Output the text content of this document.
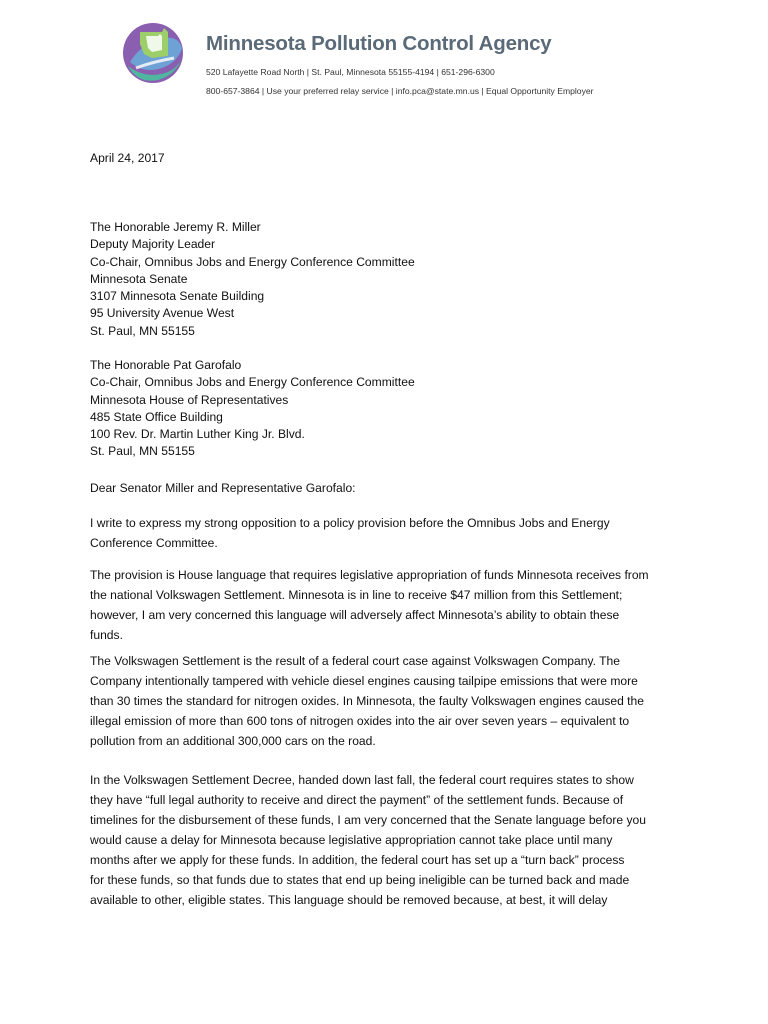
Minnesota Pollution Control Agency
520 Lafayette Road North | St. Paul, Minnesota 55155-4194 | 651-296-6300
800-657-3864 | Use your preferred relay service | info.pca@state.mn.us | Equal Opportunity Employer
April 24, 2017
The Honorable Jeremy R. Miller
Deputy Majority Leader
Co-Chair, Omnibus Jobs and Energy Conference Committee
Minnesota Senate
3107 Minnesota Senate Building
95 University Avenue West
St. Paul, MN 55155
The Honorable Pat Garofalo
Co-Chair, Omnibus Jobs and Energy Conference Committee
Minnesota House of Representatives
485 State Office Building
100 Rev. Dr. Martin Luther King Jr. Blvd.
St. Paul, MN 55155
Dear Senator Miller and Representative Garofalo:
I write to express my strong opposition to a policy provision before the Omnibus Jobs and Energy
Conference Committee.
The provision is House language that requires legislative appropriation of funds Minnesota receives from
the national Volkswagen Settlement. Minnesota is in line to receive $47 million from this Settlement;
however, I am very concerned this language will adversely affect Minnesota’s ability to obtain these
funds.
The Volkswagen Settlement is the result of a federal court case against Volkswagen Company. The
Company intentionally tampered with vehicle diesel engines causing tailpipe emissions that were more
than 30 times the standard for nitrogen oxides. In Minnesota, the faulty Volkswagen engines caused the
illegal emission of more than 600 tons of nitrogen oxides into the air over seven years – equivalent to
pollution from an additional 300,000 cars on the road.
In the Volkswagen Settlement Decree, handed down last fall, the federal court requires states to show
they have “full legal authority to receive and direct the payment” of the settlement funds. Because of
timelines for the disbursement of these funds, I am very concerned that the Senate language before you
would cause a delay for Minnesota because legislative appropriation cannot take place until many
months after we apply for these funds. In addition, the federal court has set up a “turn back” process
for these funds, so that funds due to states that end up being ineligible can be turned back and made
available to other, eligible states. This language should be removed because, at best, it will delay
